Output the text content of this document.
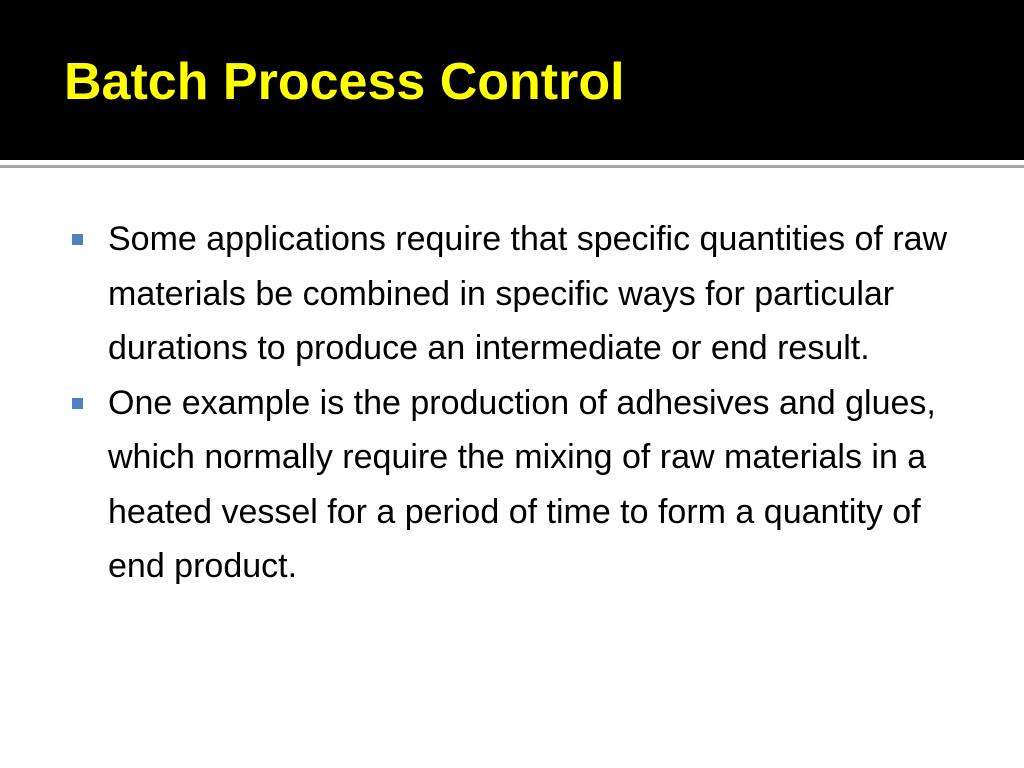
Batch Process Control
Some applications require that specific quantities of raw materials be combined in specific ways for particular durations to produce an intermediate or end result.
One example is the production of adhesives and glues, which normally require the mixing of raw materials in a heated vessel for a period of time to form a quantity of end product.
